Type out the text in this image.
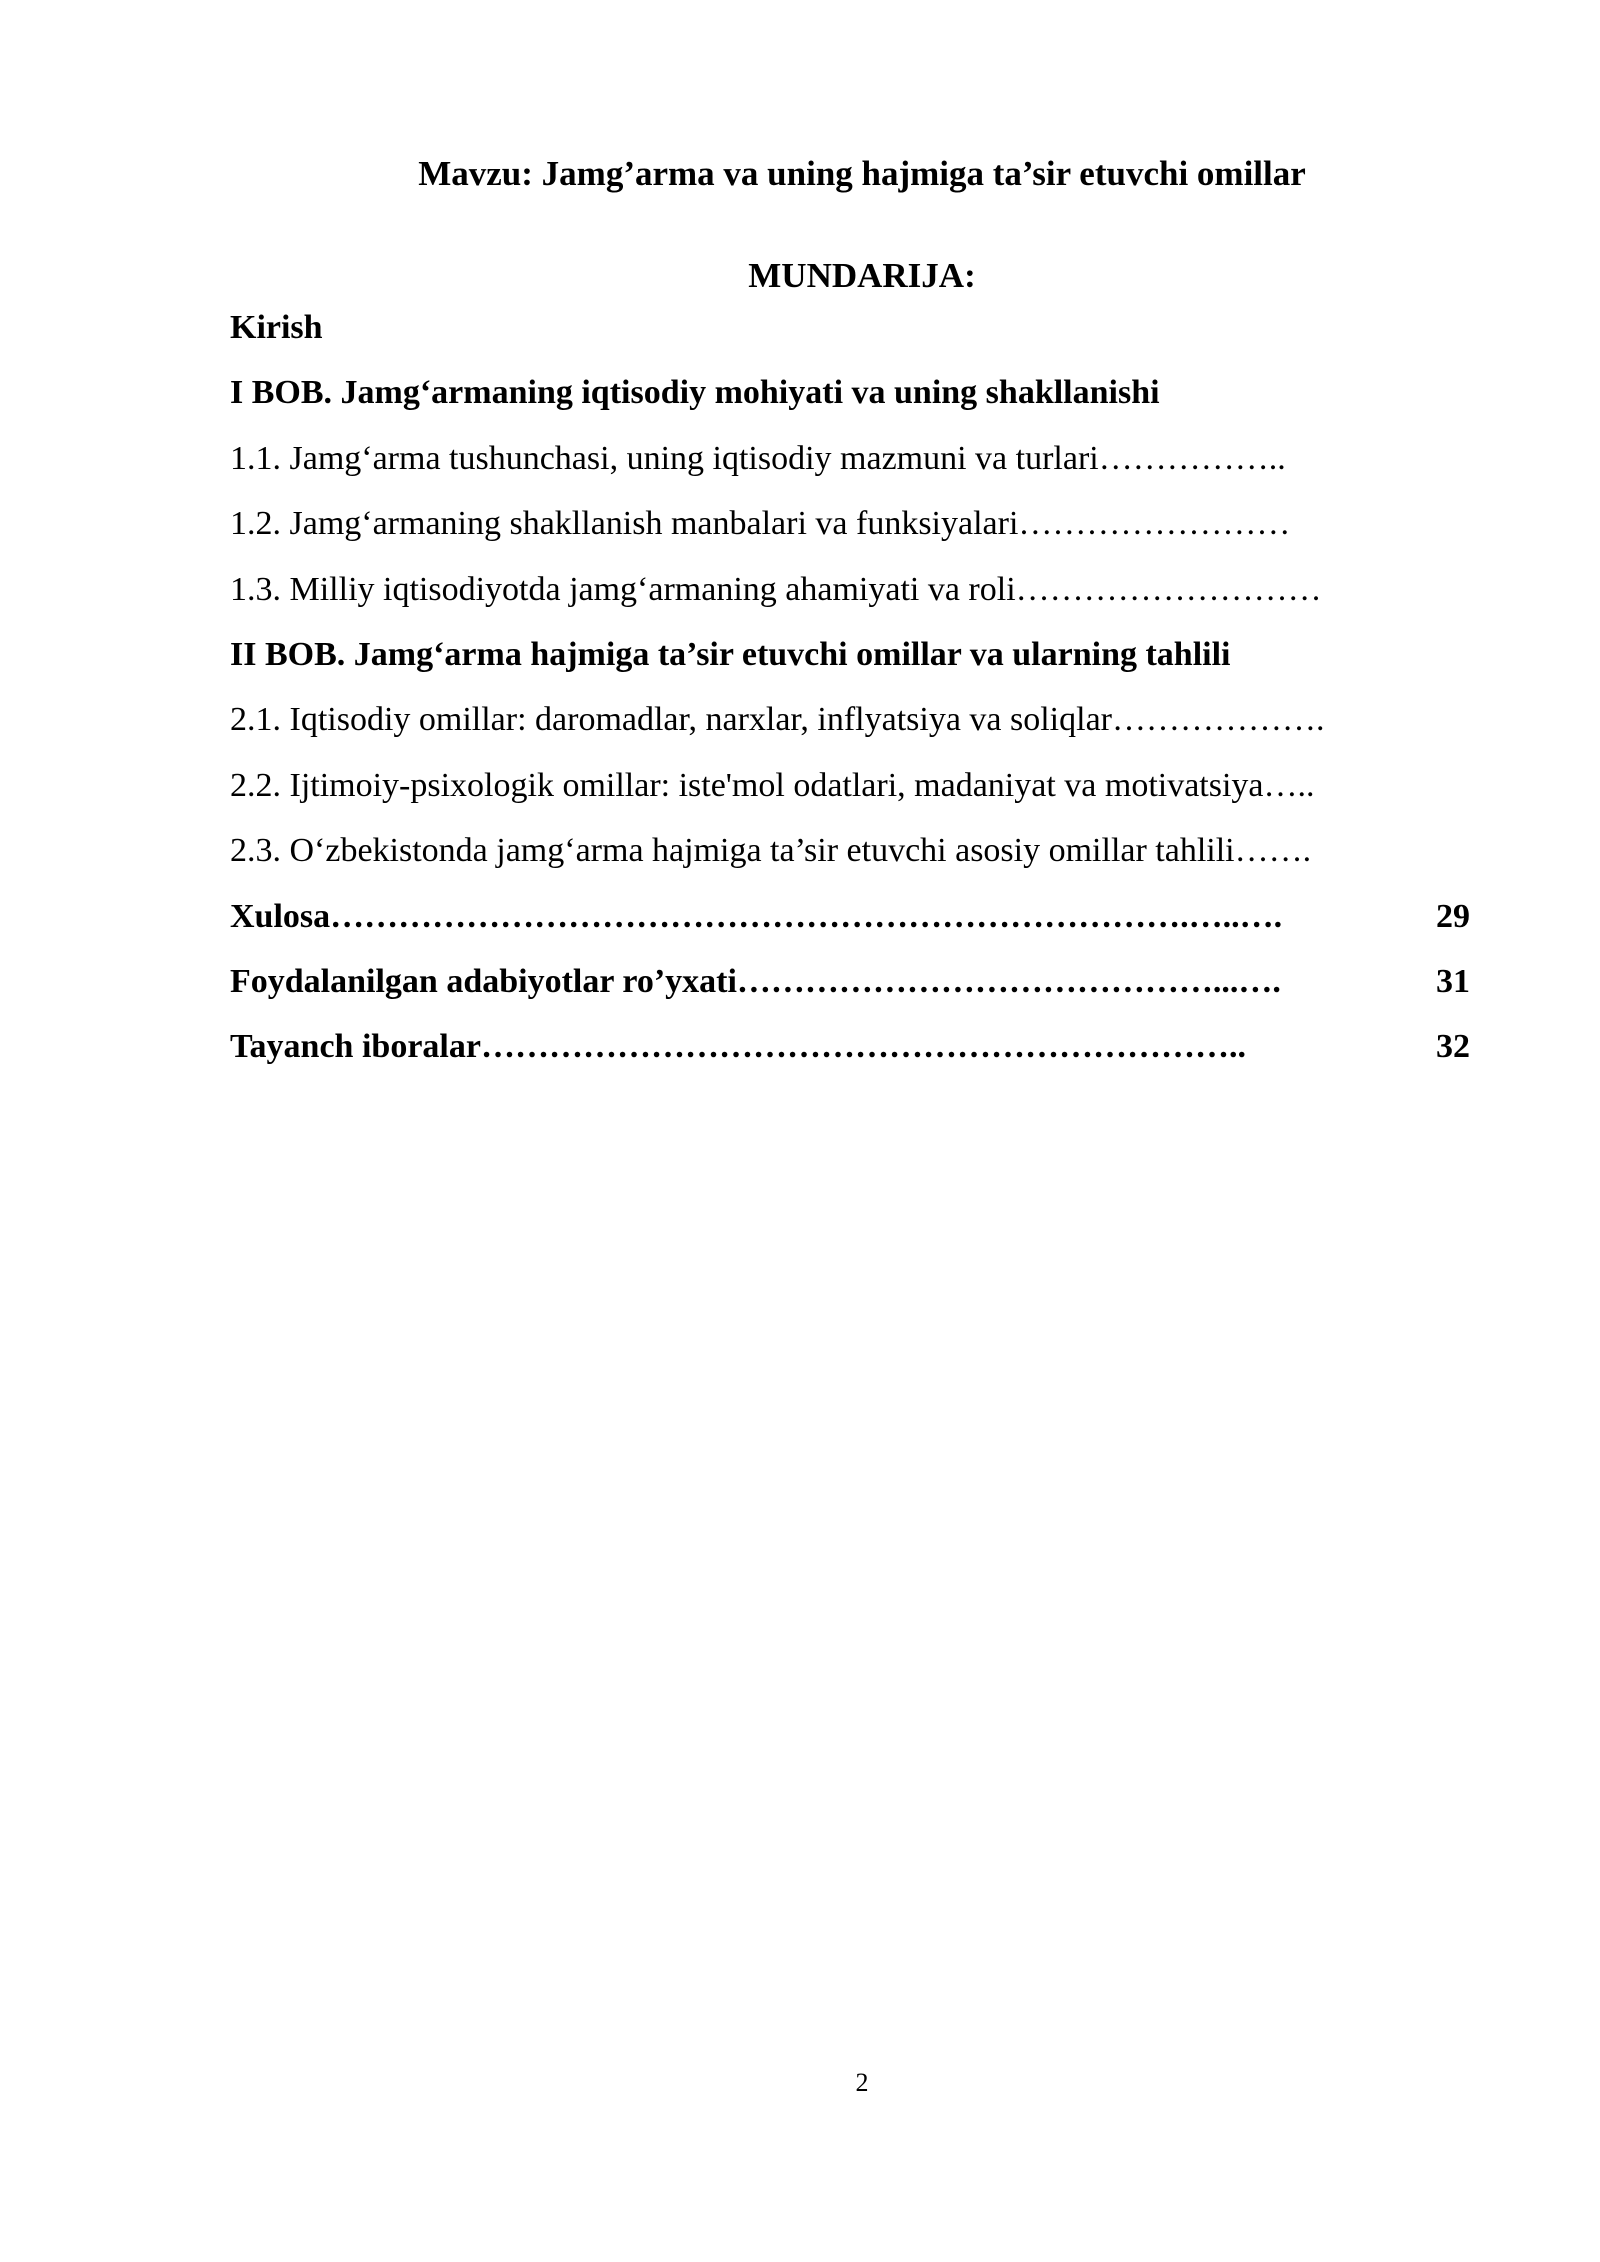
Mavzu: Jamg’arma va uning hajmiga ta’sir etuvchi omillar
MUNDARIJA:
Kirish
I BOB. Jamg‘armaning iqtisodiy mohiyati va uning shakllanishi
1.1. Jamg‘arma tushunchasi, uning iqtisodiy mazmuni va turlari ……………..
1.2. Jamg‘armaning shakllanish manbalari va funksiyalari ……………………
1.3. Milliy iqtisodiyotda jamg‘armaning ahamiyati va roli ………………………
II BOB. Jamg‘arma hajmiga ta’sir etuvchi omillar va ularning tahlili
2.1. Iqtisodiy omillar: daromadlar, narxlar, inflyatsiya va soliqlar ……………….
2.2. Ijtimoiy-psixologik omillar: iste'mol odatlari, madaniyat va motivatsiya …..
2.3. O‘zbekistonda jamg‘arma hajmiga ta’sir etuvchi asosiy omillar tahlili …….
Xulosa ………………………………………………………………….…..….	29
Foydalanilgan adabiyotlar ro’yxati ……………………………………...….	31
Tayanch iboralar …………………………………………………………..	32
2
